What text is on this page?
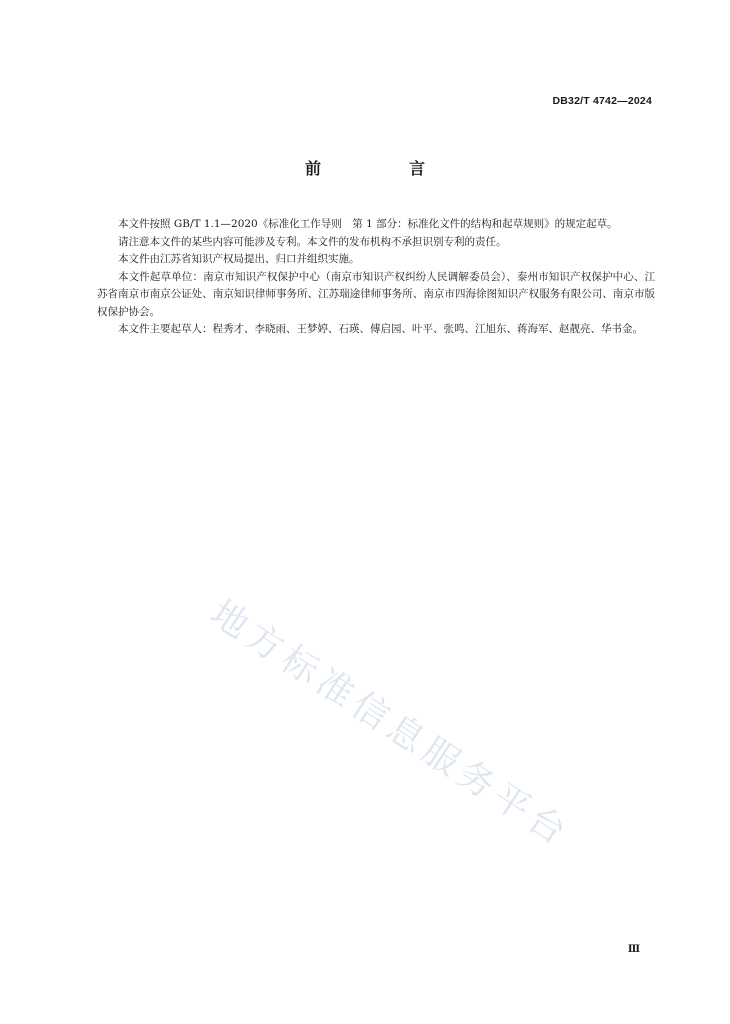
DB32/T 4742—2024
前　言

本文件按照 GB/T 1.1—2020《标准化工作导则　第 1 部分：标准化文件的结构和起草规则》的规定起草。

请注意本文件的某些内容可能涉及专利。本文件的发布机构不承担识别专利的责任。

本文件由江苏省知识产权局提出、归口并组织实施。

本文件起草单位：南京市知识产权保护中心（南京市知识产权纠纷人民调解委员会）、泰州市知识产权保护中心、江苏省南京市南京公证处、南京知识律师事务所、江苏瑞途律师事务所、南京市四海徐图知识产权服务有限公司、南京市版权保护协会。

本文件主要起草人：程秀才、李晓雨、王梦婷、石瑛、傅启园、叶平、张鸣、江旭东、蒋海军、赵靓亮、华书金。

地方标准信息服务平台
Ⅲ
